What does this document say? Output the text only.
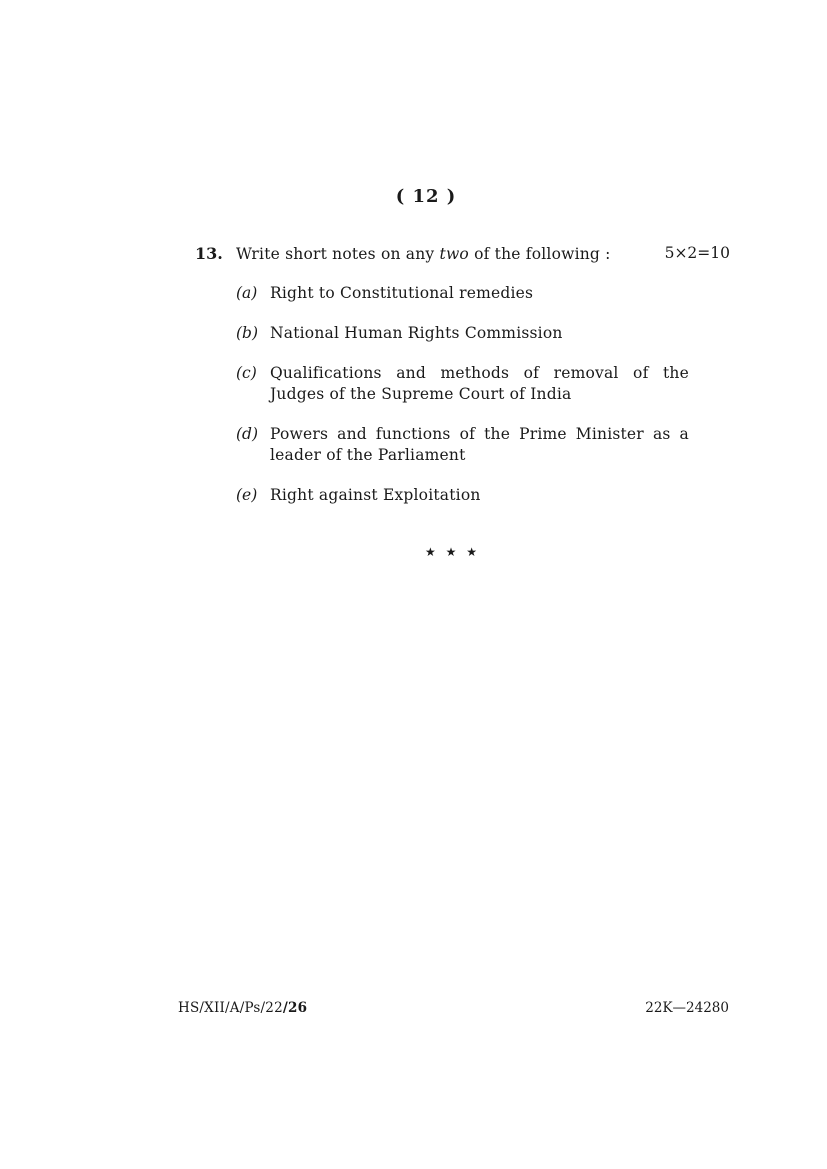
( 12 )
13. Write short notes on any two of the following :	5×2=10
(a) Right to Constitutional remedies
(b) National Human Rights Commission
(c) Qualifications and methods of removal of the Judges of the Supreme Court of India
(d) Powers and functions of the Prime Minister as a leader of the Parliament
(e) Right against Exploitation
★ ★ ★
HS/XII/A/Ps/22/26	22K—24280
